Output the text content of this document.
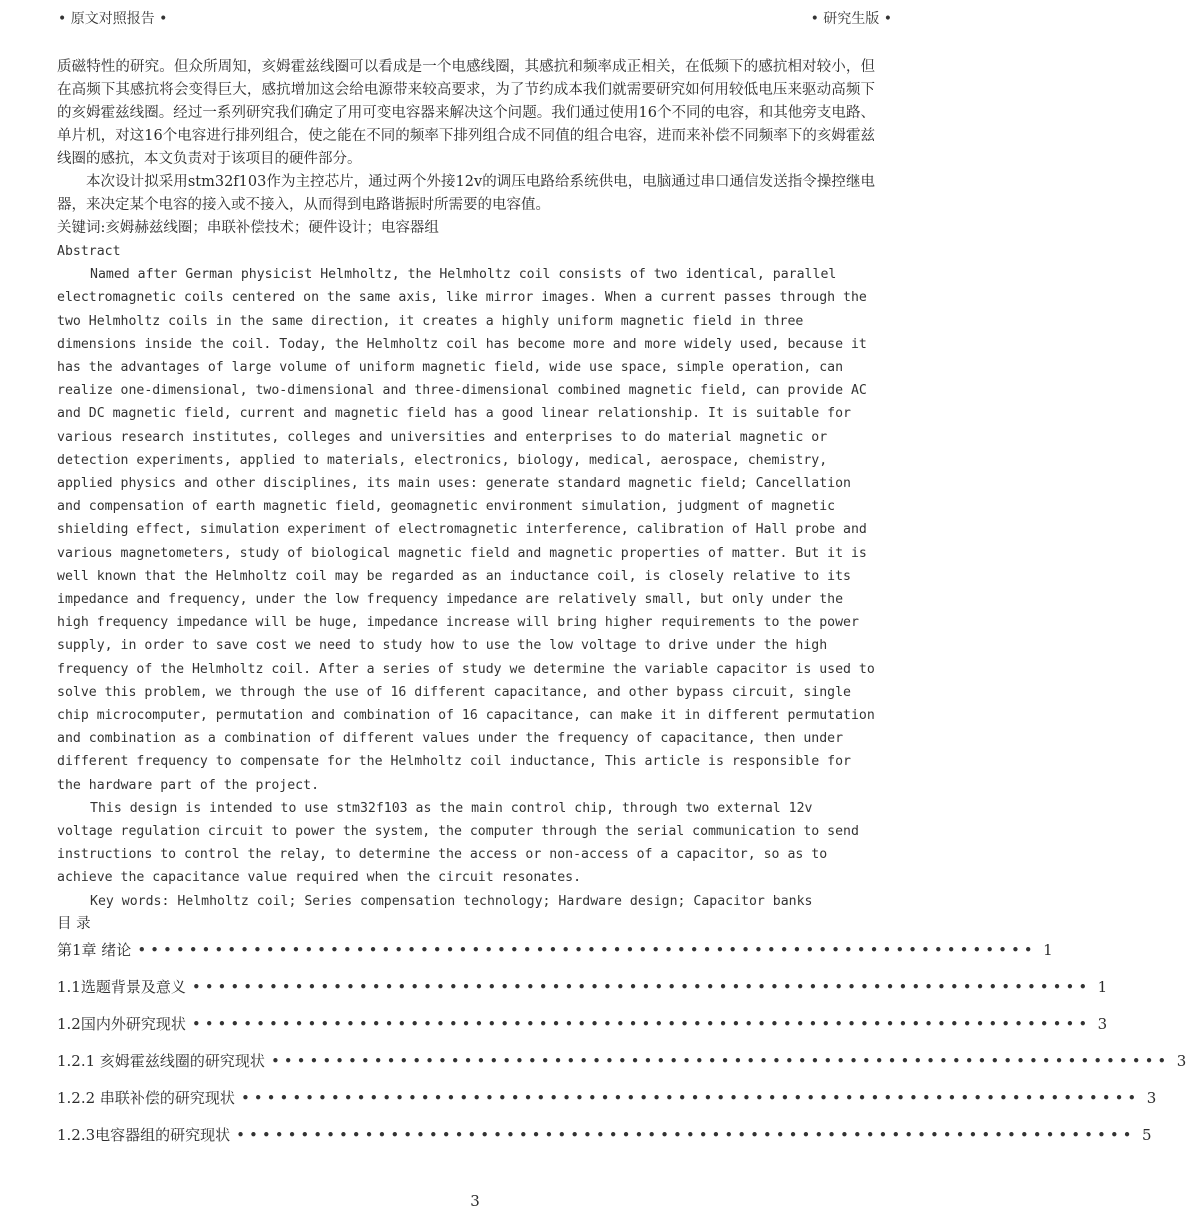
• 原文对照报告 •	• 研究生版 •

质磁特性的研究。但众所周知，亥姆霍兹线圈可以看成是一个电感线圈，其感抗和频率成正相关，在低频下的感抗相对较小，但在高频下其感抗将会变得巨大，感抗增加这会给电源带来较高要求，为了节约成本我们就需要研究如何用较低电压来驱动高频下的亥姆霍兹线圈。经过一系列研究我们确定了用可变电容器来解决这个问题。我们通过使用16个不同的电容，和其他旁支电路、单片机，对这16个电容进行排列组合，使之能在不同的频率下排列组合成不同值的组合电容，进而来补偿不同频率下的亥姆霍兹线圈的感抗，本文负责对于该项目的硬件部分。

本次设计拟采用stm32f103作为主控芯片，通过两个外接12v的调压电路给系统供电，电脑通过串口通信发送指令操控继电器，来决定某个电容的接入或不接入，从而得到电路谐振时所需要的电容值。

关键词:亥姆赫兹线圈；串联补偿技术；硬件设计；电容器组

Abstract

Named after German physicist Helmholtz, the Helmholtz coil consists of two identical, parallel electromagnetic coils centered on the same axis, like mirror images. When a current passes through the two Helmholtz coils in the same direction, it creates a highly uniform magnetic field in three dimensions inside the coil. Today, the Helmholtz coil has become more and more widely used, because it has the advantages of large volume of uniform magnetic field, wide use space, simple operation, can realize one-dimensional, two-dimensional and three-dimensional combined magnetic field, can provide AC and DC magnetic field, current and magnetic field has a good linear relationship. It is suitable for various research institutes, colleges and universities and enterprises to do material magnetic or detection experiments, applied to materials, electronics, biology, medical, aerospace, chemistry, applied physics and other disciplines, its main uses: generate standard magnetic field; Cancellation and compensation of earth magnetic field, geomagnetic environment simulation, judgment of magnetic shielding effect, simulation experiment of electromagnetic interference, calibration of Hall probe and various magnetometers, study of biological magnetic field and magnetic properties of matter. But it is well known that the Helmholtz coil may be regarded as an inductance coil, is closely relative to its impedance and frequency, under the low frequency impedance are relatively small, but only under the high frequency impedance will be huge, impedance increase will bring higher requirements to the power supply, in order to save cost we need to study how to use the low voltage to drive under the high frequency of the Helmholtz coil. After a series of study we determine the variable capacitor is used to solve this problem, we through the use of 16 different capacitance, and other bypass circuit, single chip microcomputer, permutation and combination of 16 capacitance, can make it in different permutation and combination as a combination of different values under the frequency of capacitance, then under different frequency to compensate for the Helmholtz coil inductance, This article is responsible for the hardware part of the project.

This design is intended to use stm32f103 as the main control chip, through two external 12v voltage regulation circuit to power the system, the computer through the serial communication to send instructions to control the relay, to determine the access or non-access of a capacitor, so as to achieve the capacitance value required when the circuit resonates.

Key words: Helmholtz coil; Series compensation technology; Hardware design; Capacitor banks

目 录

第1章 绪论 •••••••••••••••••••••••••••••••••••••••••••••••••••••••••••••••••••••• 1
1.1选题背景及意义 •••••••••••••••••••••••••••••••••••••••••••••••••••••••••••••••••••••• 1
1.2国内外研究现状 •••••••••••••••••••••••••••••••••••••••••••••••••••••••••••••••••••••• 3
1.2.1 亥姆霍兹线圈的研究现状 •••••••••••••••••••••••••••••••••••••••••••••••••••••••••••••••••••••• 3
1.2.2 串联补偿的研究现状 •••••••••••••••••••••••••••••••••••••••••••••••••••••••••••••••••••••• 3
1.2.3电容器组的研究现状 •••••••••••••••••••••••••••••••••••••••••••••••••••••••••••••••••••••• 5
3
